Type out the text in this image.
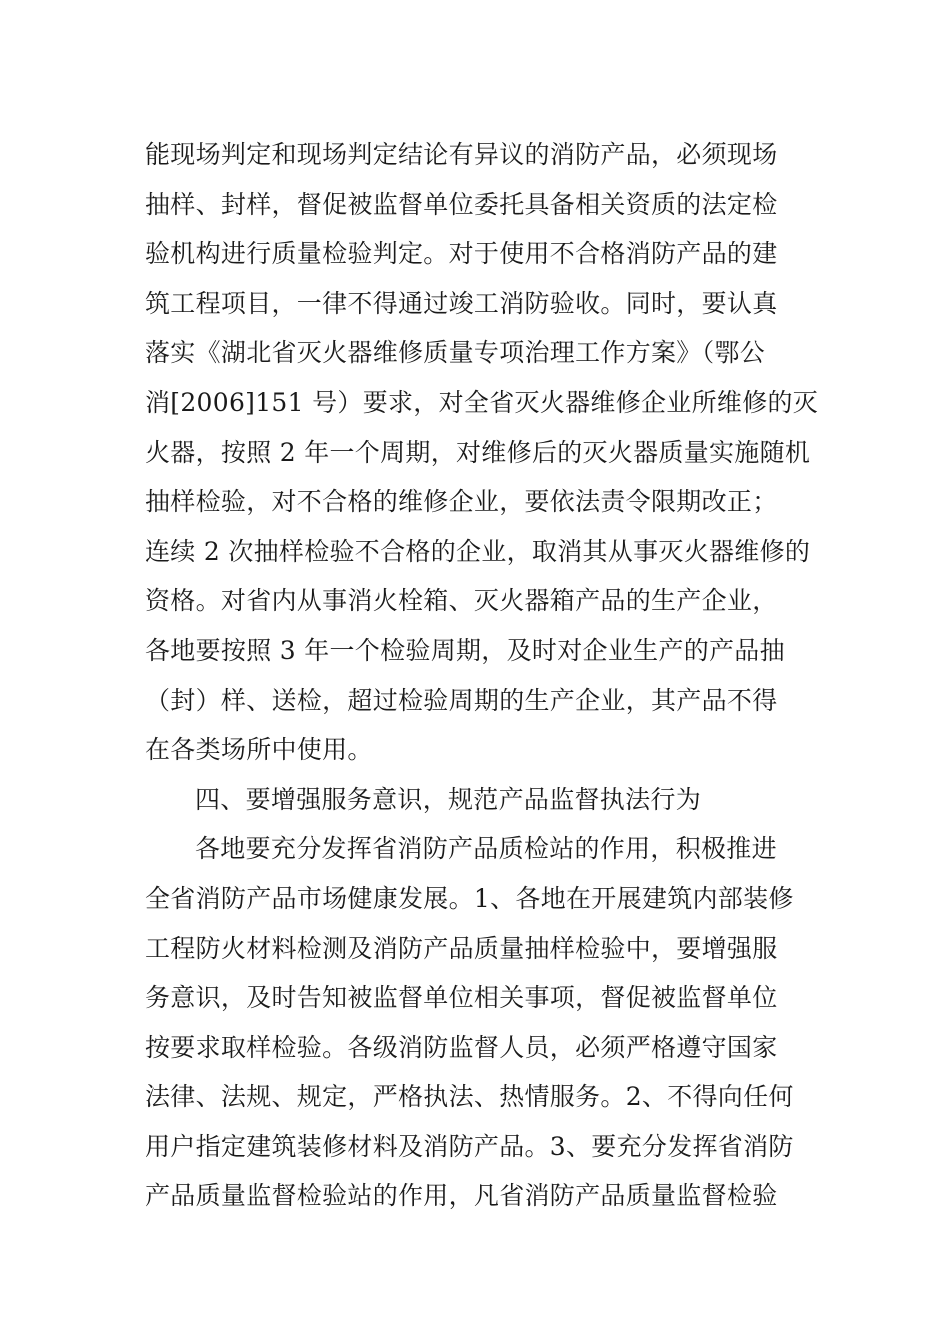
能现场判定和现场判定结论有异议的消防产品，必须现场
抽样、封样，督促被监督单位委托具备相关资质的法定检
验机构进行质量检验判定。对于使用不合格消防产品的建
筑工程项目，一律不得通过竣工消防验收。同时，要认真
落实《湖北省灭火器维修质量专项治理工作方案》（鄂公
消[2006]151 号）要求，对全省灭火器维修企业所维修的灭
火器，按照 2 年一个周期，对维修后的灭火器质量实施随机
抽样检验，对不合格的维修企业，要依法责令限期改正；
连续 2 次抽样检验不合格的企业，取消其从事灭火器维修的
资格。对省内从事消火栓箱、灭火器箱产品的生产企业，
各地要按照 3 年一个检验周期，及时对企业生产的产品抽
（封）样、送检，超过检验周期的生产企业，其产品不得
在各类场所中使用。
四、要增强服务意识，规范产品监督执法行为
各地要充分发挥省消防产品质检站的作用，积极推进
全省消防产品市场健康发展。1、各地在开展建筑内部装修
工程防火材料检测及消防产品质量抽样检验中，要增强服
务意识，及时告知被监督单位相关事项，督促被监督单位
按要求取样检验。各级消防监督人员，必须严格遵守国家
法律、法规、规定，严格执法、热情服务。2、不得向任何
用户指定建筑装修材料及消防产品。3、要充分发挥省消防
产品质量监督检验站的作用，凡省消防产品质量监督检验
